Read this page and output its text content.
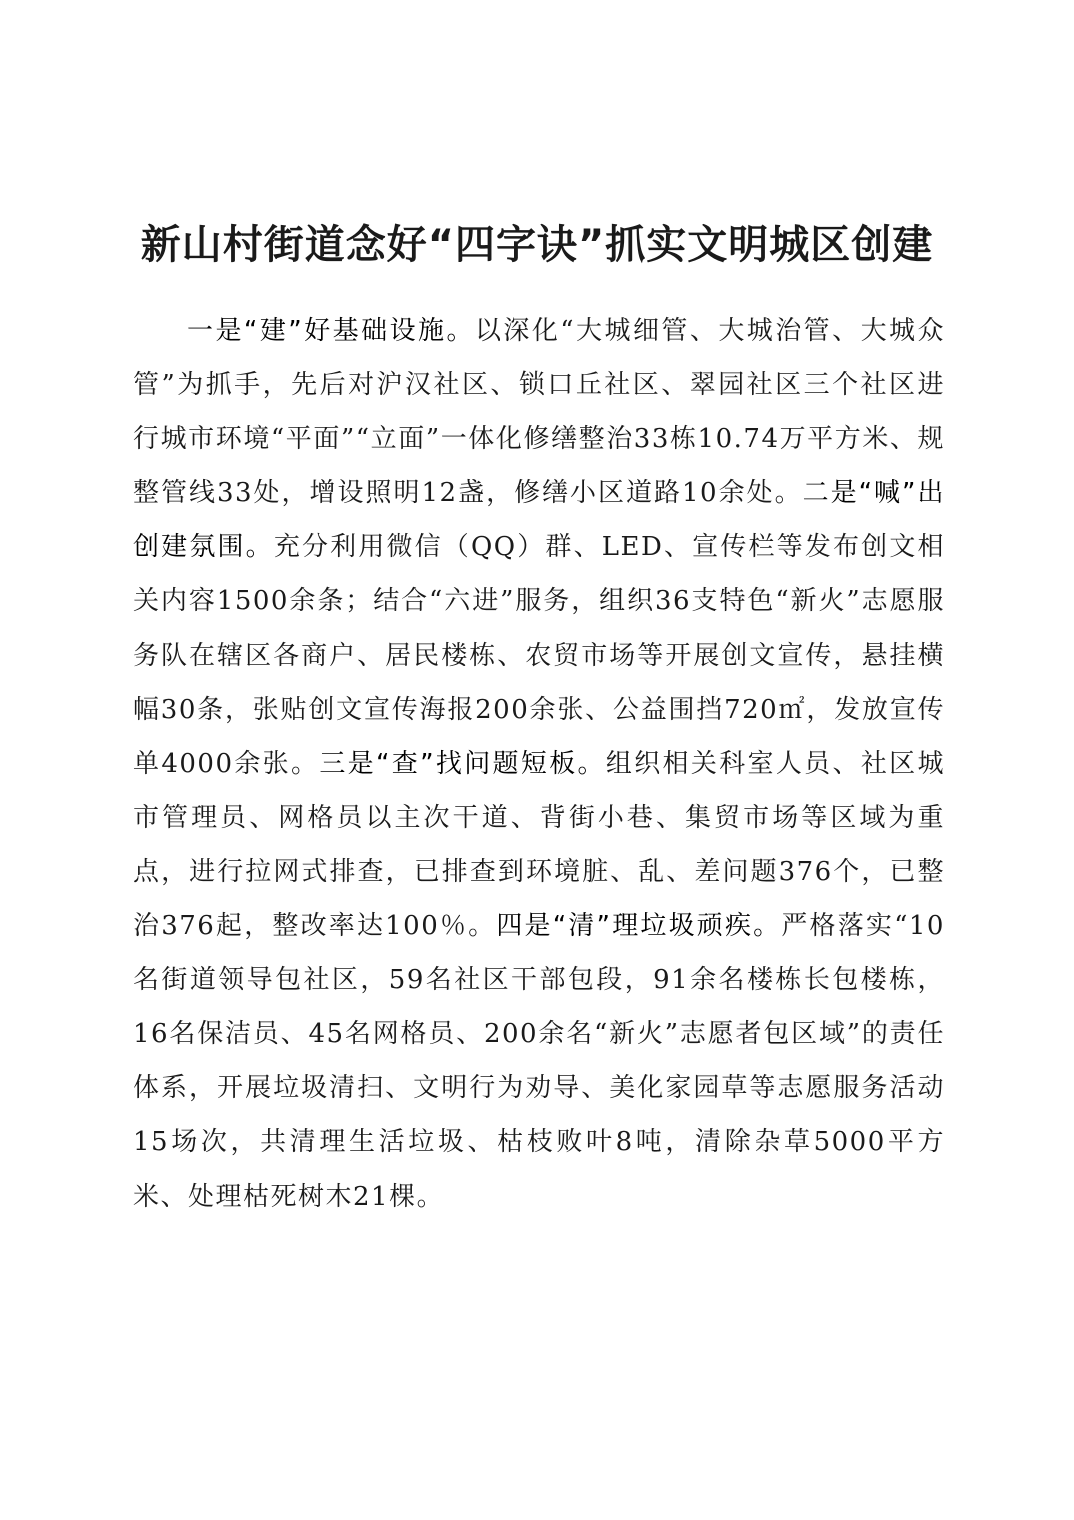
新山村街道念好“四字诀”抓实文明城区创建

一是“建”好基础设施。以深化“大城细管、大城治管、大城众管”为抓手，先后对沪汉社区、锁口丘社区、翠园社区三个社区进行城市环境“平面”“立面”一体化修缮整治33栋10.74万平方米、规整管线33处，增设照明12盏，修缮小区道路10余处。二是“喊”出创建氛围。充分利用微信（QQ）群、LED、宣传栏等发布创文相关内容1500余条；结合“六进”服务，组织36支特色“新火”志愿服务队在辖区各商户、居民楼栋、农贸市场等开展创文宣传，悬挂横幅30条，张贴创文宣传海报200余张、公益围挡720㎡，发放宣传单4000余张。三是“查”找问题短板。组织相关科室人员、社区城市管理员、网格员以主次干道、背街小巷、集贸市场等区域为重点，进行拉网式排查，已排查到环境脏、乱、差问题376个，已整治376起，整改率达100％。四是“清”理垃圾顽疾。严格落实“10名街道领导包社区，59名社区干部包段，91余名楼栋长包楼栋，16名保洁员、45名网格员、200余名“新火”志愿者包区域”的责任体系，开展垃圾清扫、文明行为劝导、美化家园草等志愿服务活动15场次，共清理生活垃圾、枯枝败叶8吨，清除杂草5000平方米、处理枯死树木21棵。
